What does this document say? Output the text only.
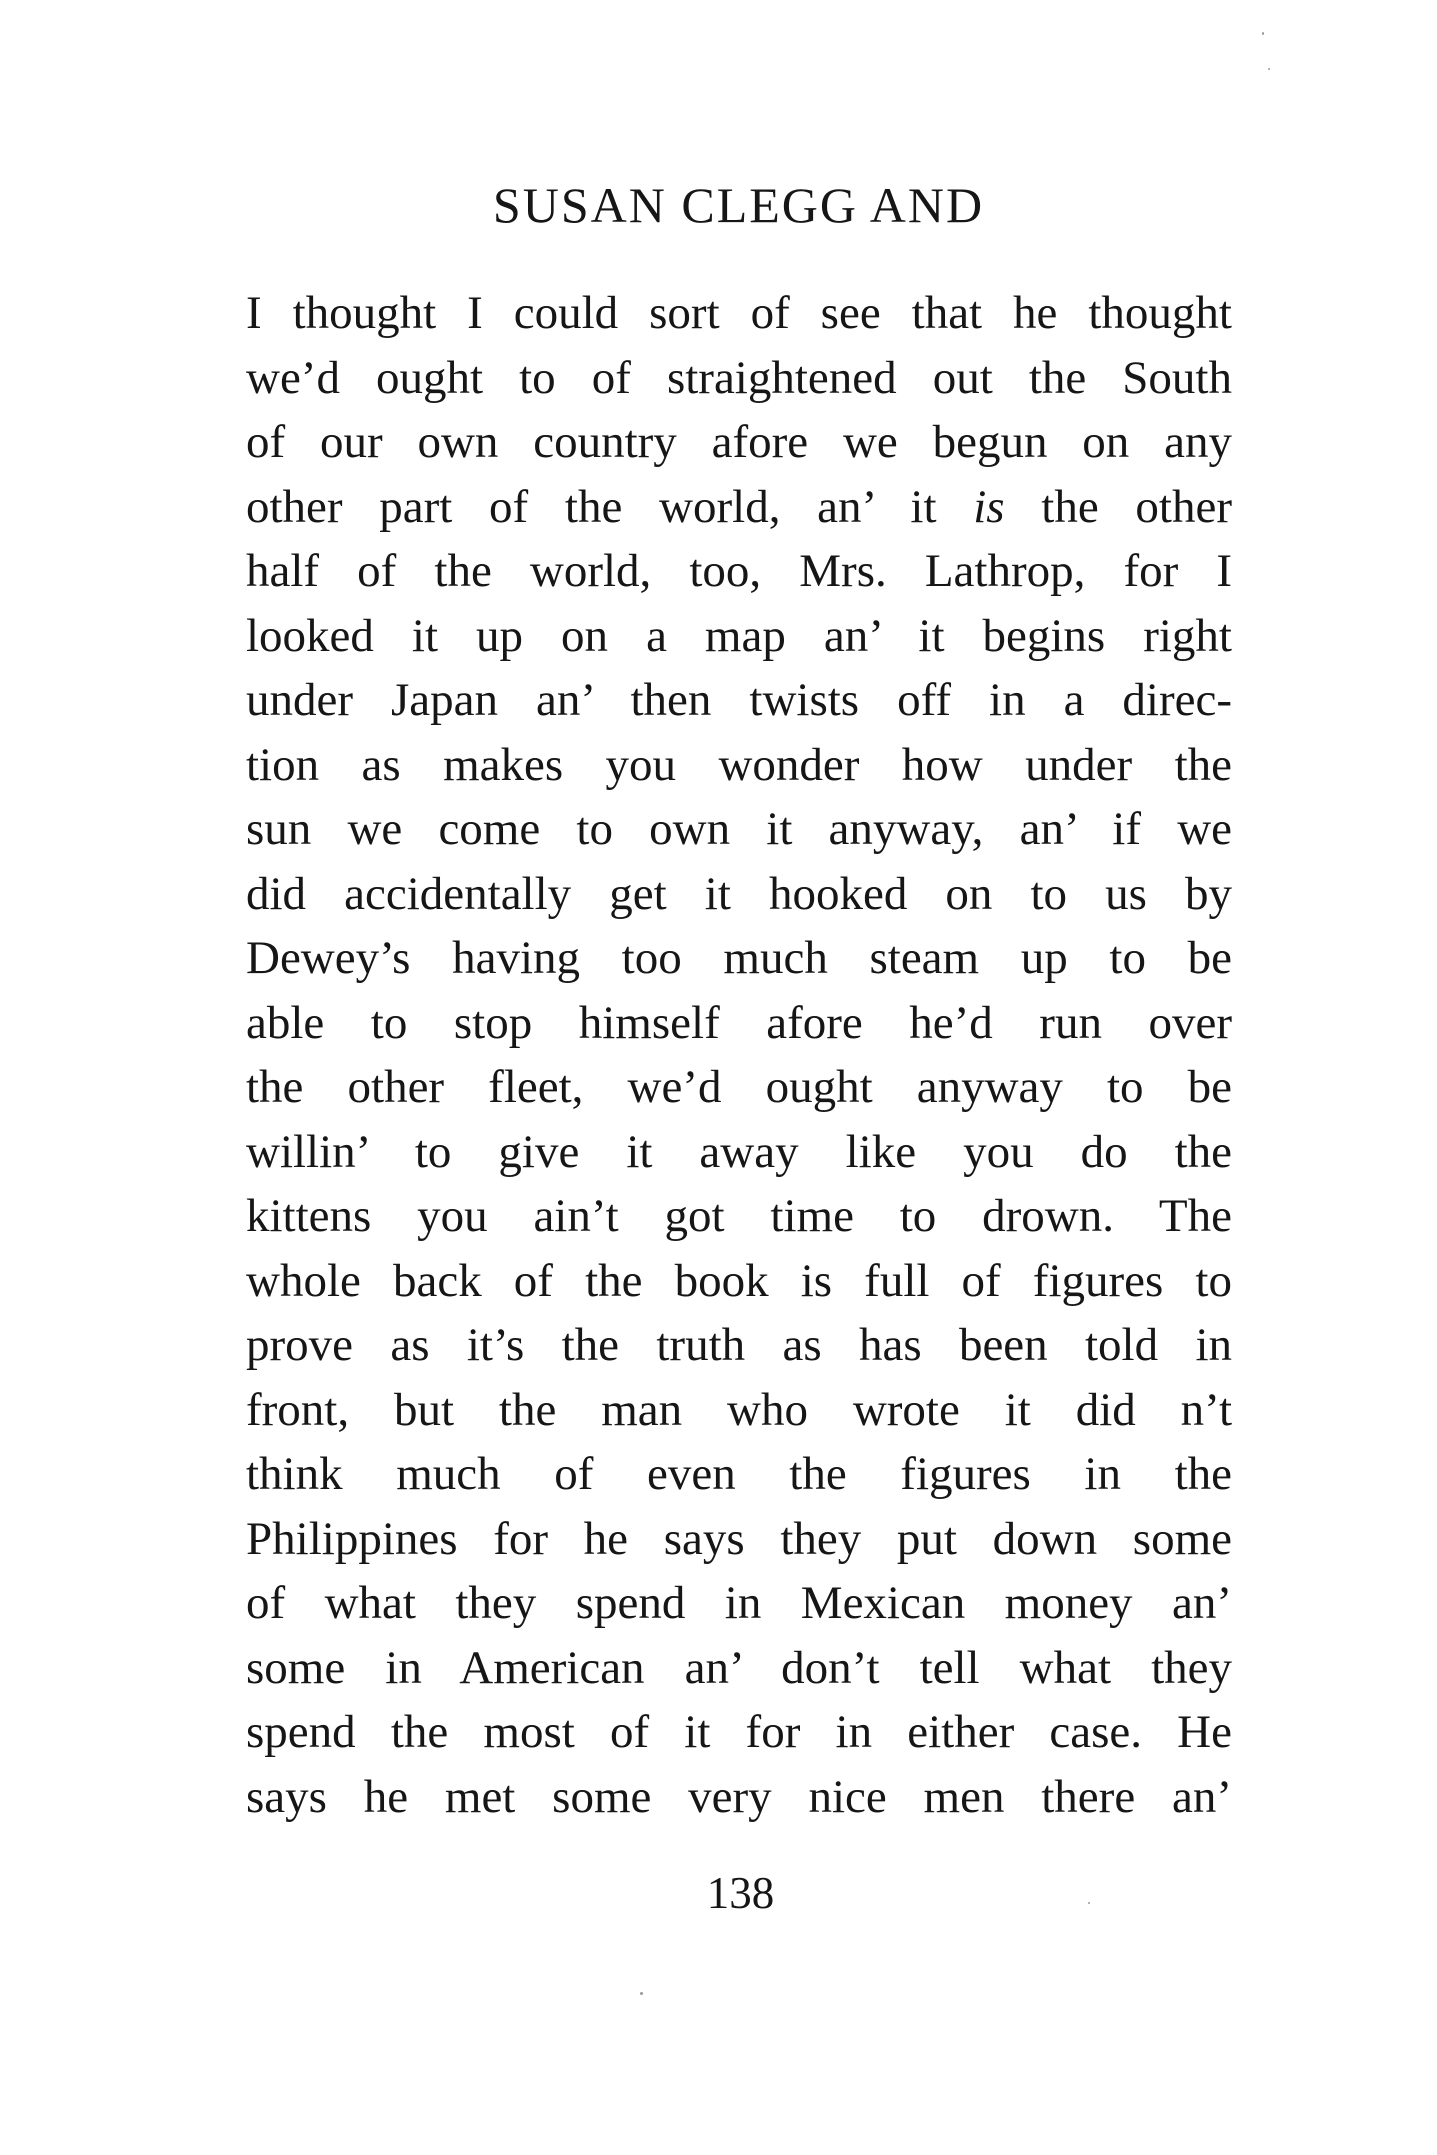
SUSAN CLEGG AND
I thought I could sort of see that he thought
we’d ought to of straightened out the South
of our own country afore we begun on any
other part of the world, an’ it is the other
half of the world, too, Mrs. Lathrop, for I
looked it up on a map an’ it begins right
under Japan an’ then twists off in a direc-
tion as makes you wonder how under the
sun we come to own it anyway, an’ if we
did accidentally get it hooked on to us by
Dewey’s having too much steam up to be
able to stop himself afore he’d run over
the other fleet, we’d ought anyway to be
willin’ to give it away like you do the
kittens you ain’t got time to drown. The
whole back of the book is full of figures to
prove as it’s the truth as has been told in
front, but the man who wrote it did n’t
think much of even the figures in the
Philippines for he says they put down some
of what they spend in Mexican money an’
some in American an’ don’t tell what they
spend the most of it for in either case. He
says he met some very nice men there an’
138
